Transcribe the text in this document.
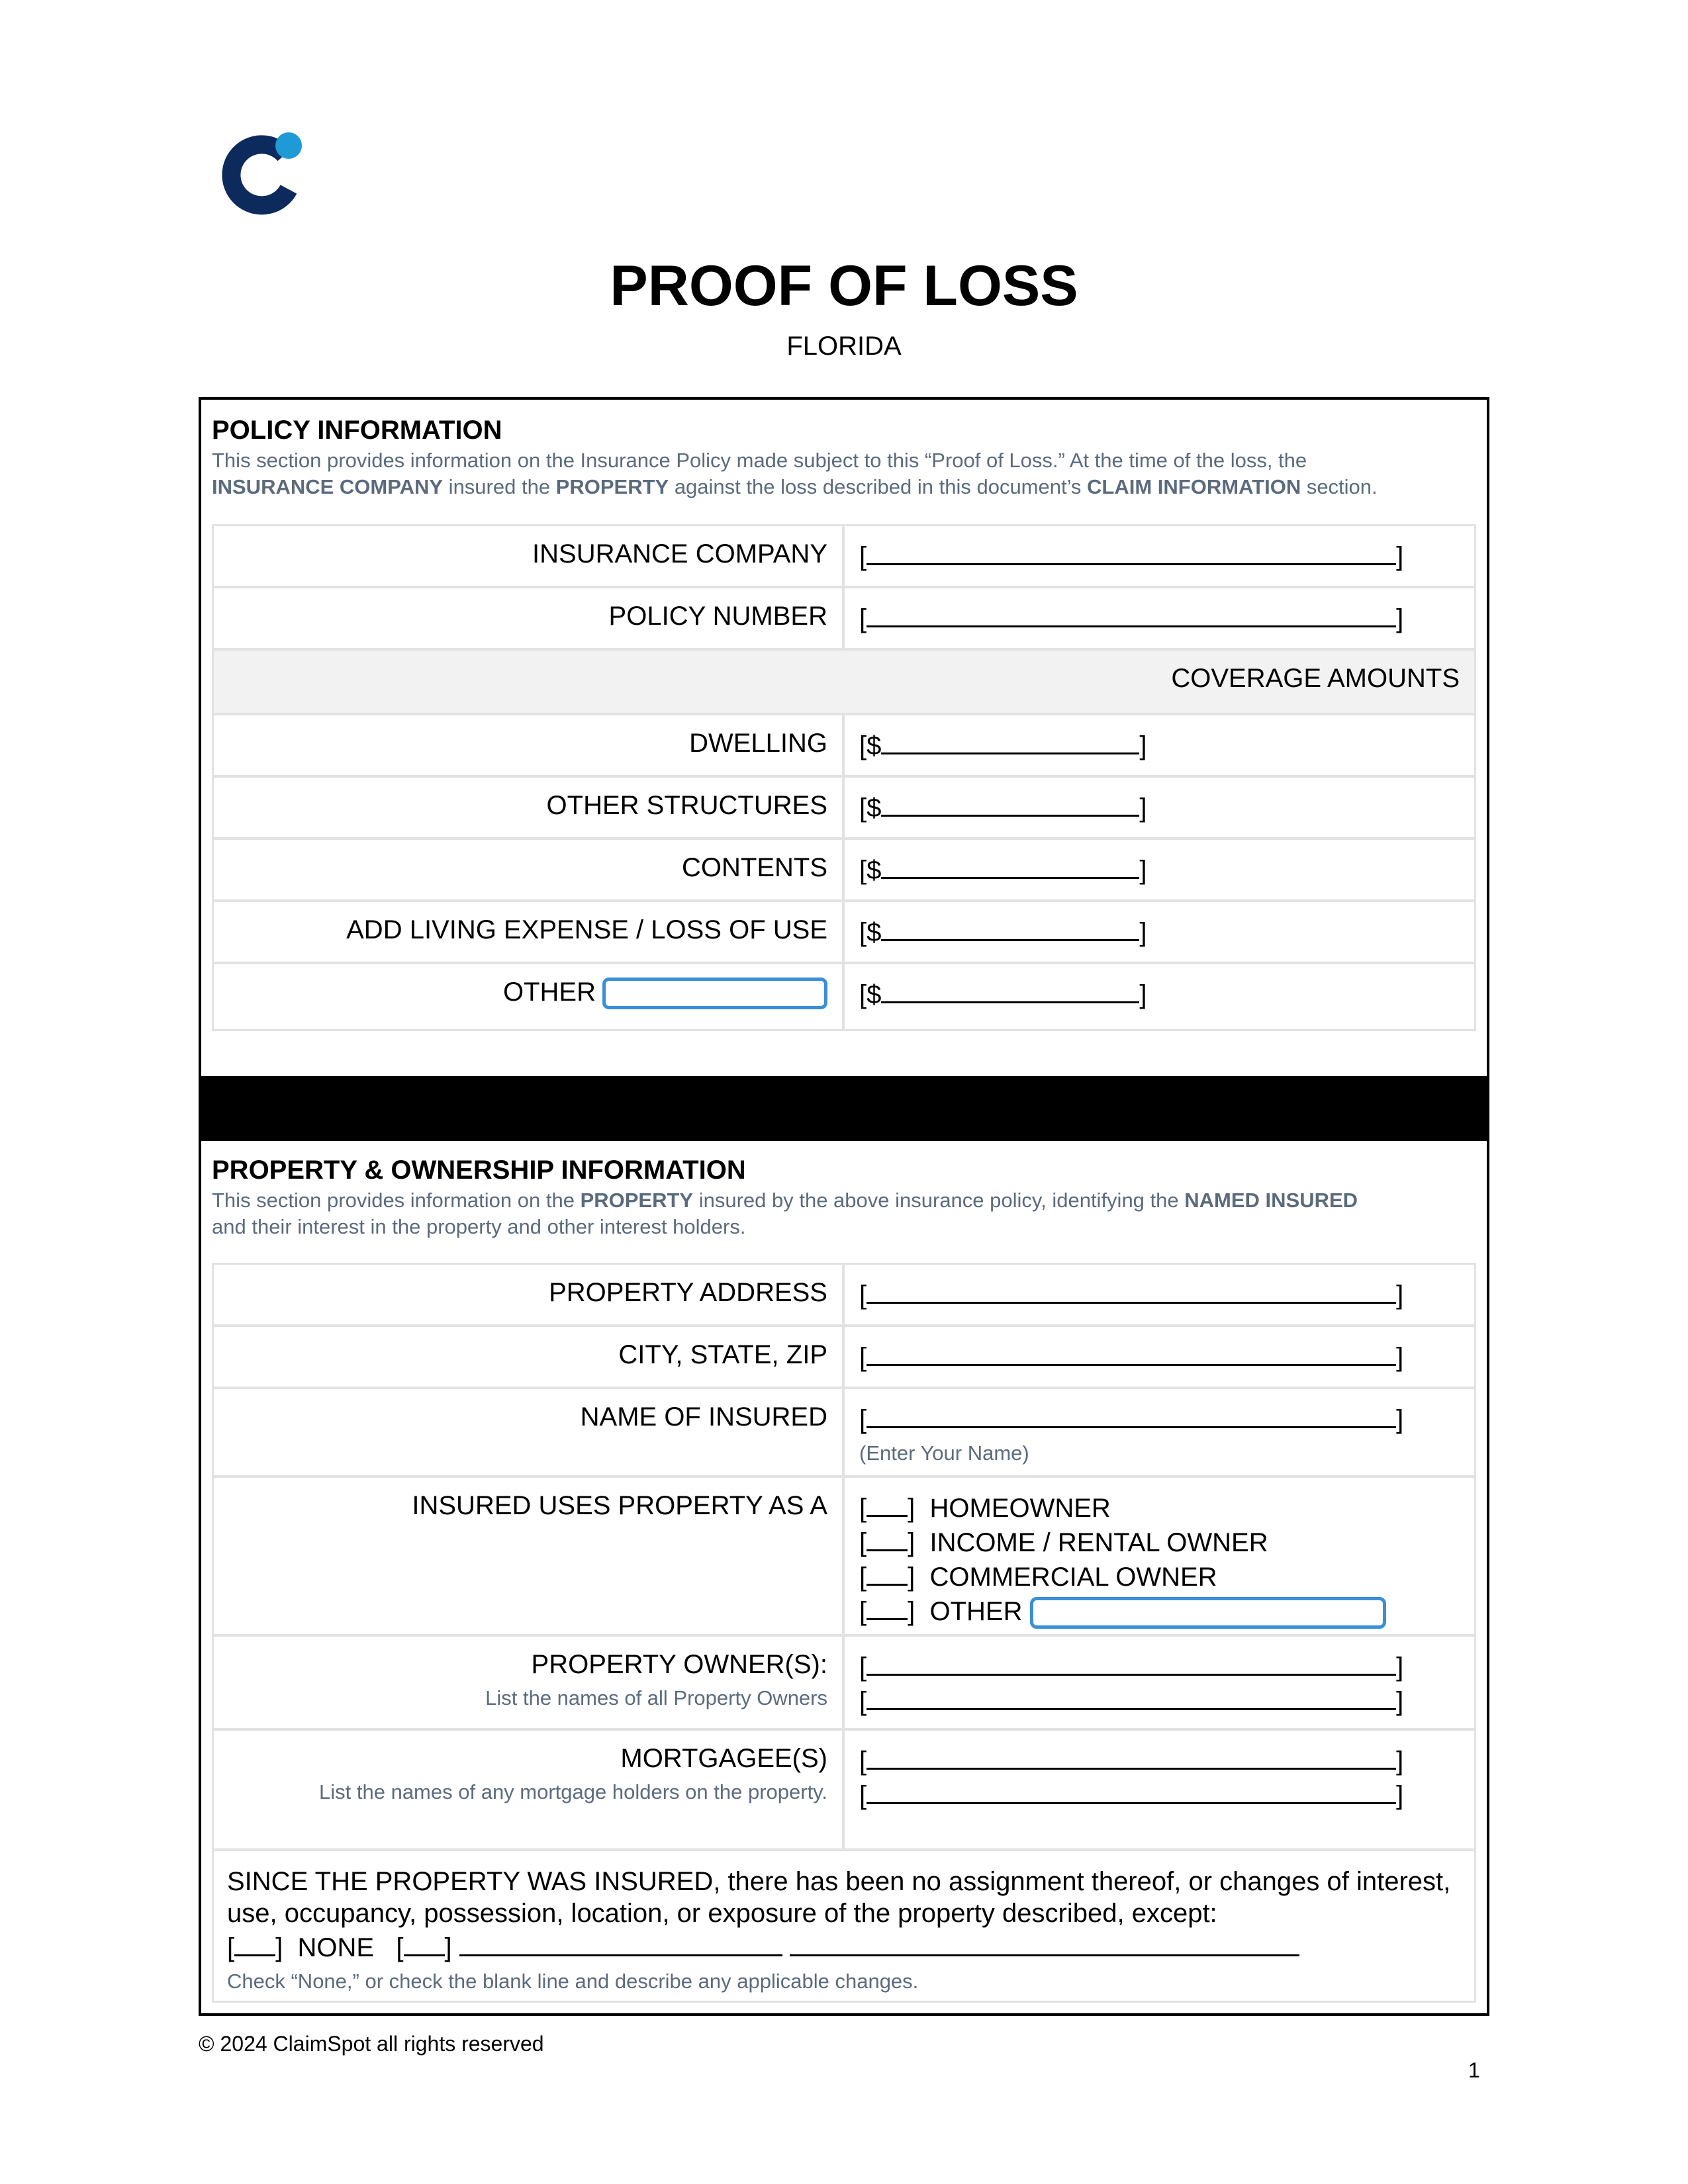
PROOF OF LOSS
FLORIDA
POLICY INFORMATION
This section provides information on the Insurance Policy made subject to this “Proof of Loss.” At the time of the loss, the
INSURANCE COMPANY insured the PROPERTY against the loss described in this document’s CLAIM INFORMATION section.
INSURANCE COMPANY	[	]
POLICY NUMBER	[	]
COVERAGE AMOUNTS
DWELLING	[$	]
OTHER STRUCTURES	[$	]
CONTENTS	[$	]
ADD LIVING EXPENSE / LOSS OF USE	[$	]
OTHER	[$	]
PROPERTY & OWNERSHIP INFORMATION
This section provides information on the PROPERTY insured by the above insurance policy, identifying the NAMED INSURED
and their interest in the property and other interest holders.
PROPERTY ADDRESS	[	]
CITY, STATE, ZIP	[	]
NAME OF INSURED	[	]
(Enter Your Name)
INSURED USES PROPERTY AS A	[ ] HOMEOWNER
[ ] INCOME / RENTAL OWNER
[ ] COMMERCIAL OWNER
[ ] OTHER
PROPERTY OWNER(S):
List the names of all Property Owners
[	]
[	]
MORTGAGEE(S)
List the names of any mortgage holders on the property.
[	]
[	]
SINCE THE PROPERTY WAS INSURED, there has been no assignment thereof, or changes of interest, use, occupancy, possession, location, or exposure of the property described, except:
[ ] NONE [ ]
Check “None,” or check the blank line and describe any applicable changes.
© 2024 ClaimSpot all rights reserved
1
